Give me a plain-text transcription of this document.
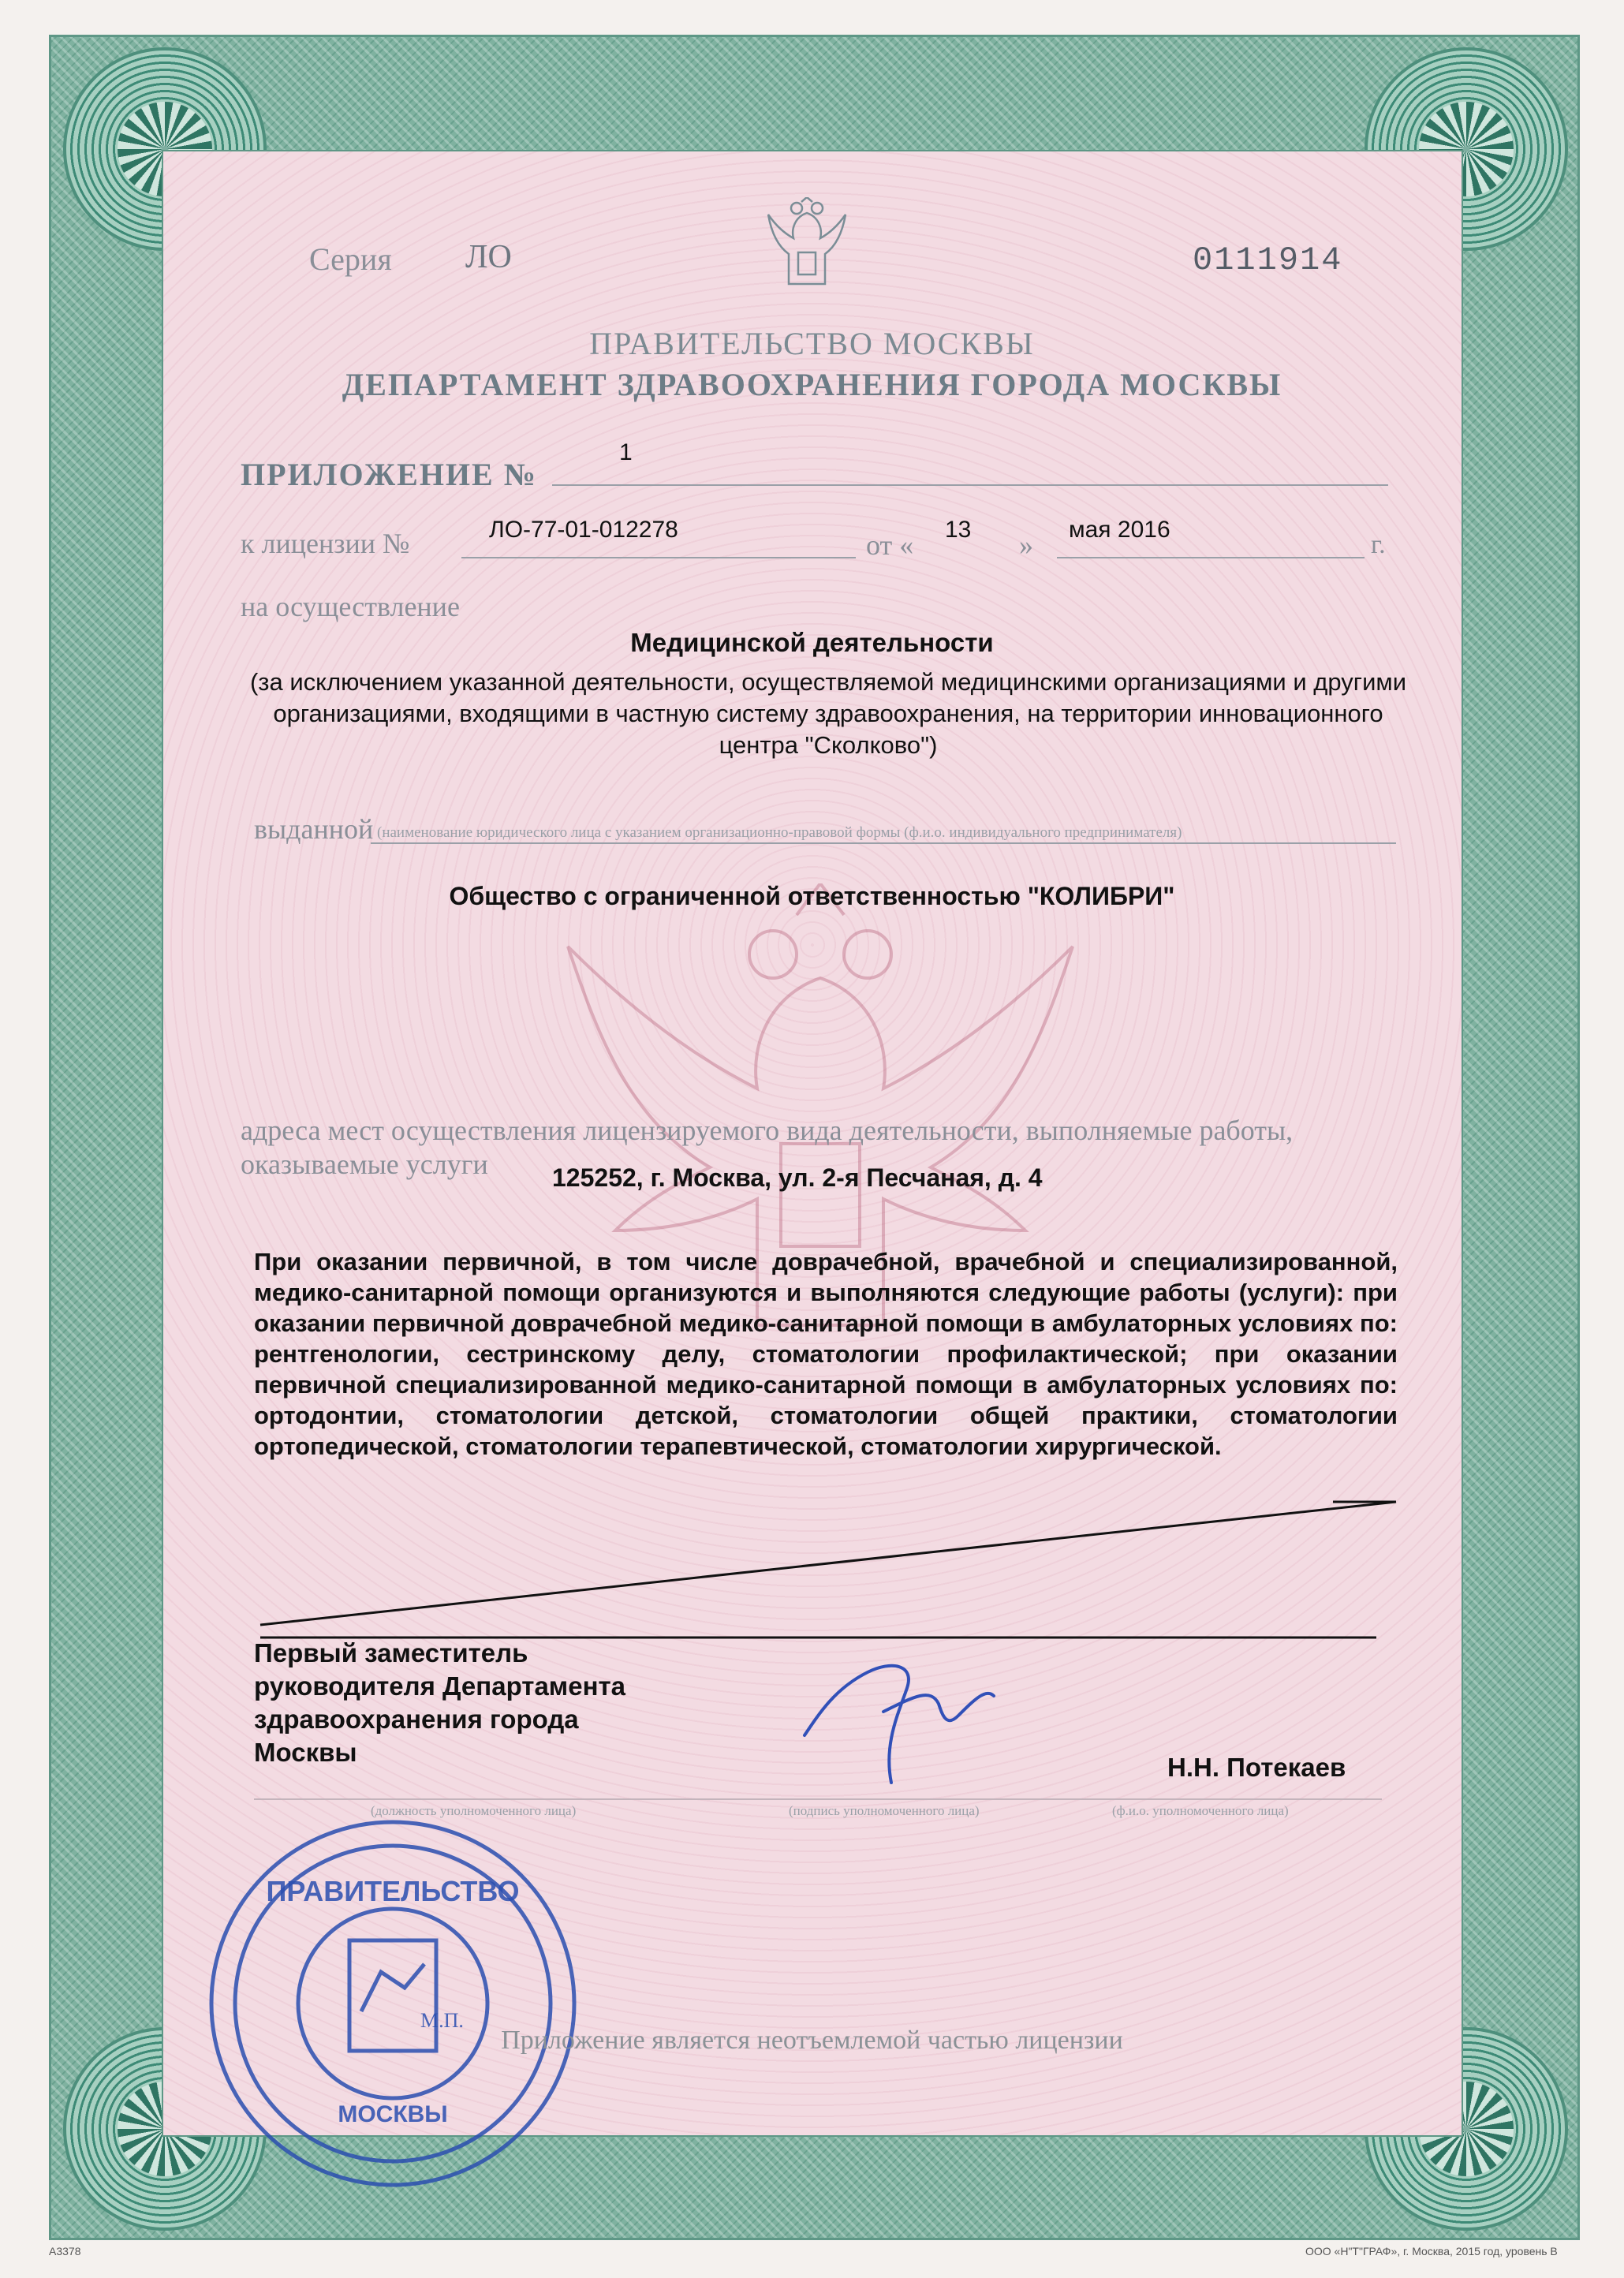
Серия ЛО	0111914
ПРАВИТЕЛЬСТВО МОСКВЫ
ДЕПАРТАМЕНТ ЗДРАВООХРАНЕНИЯ ГОРОДА МОСКВЫ
ПРИЛОЖЕНИЕ №
1
к лицензии №	ЛО-77-01-012278	от « 13 » мая 2016
г.
на осуществление
Медицинской деятельности
(за исключением указанной деятельности, осуществляемой медицинскими организациями и другими организациями, входящими в частную систему здравоохранения, на территории инновационного центра "Сколково")
выданной (наименование юридического лица с указанием организационно-правовой формы (ф.и.о. индивидуального предпринимателя)
Общество с ограниченной ответственностью "КОЛИБРИ"
адреса мест осуществления лицензируемого вида деятельности, выполняемые работы,
оказываемые услуги	125252, г. Москва, ул. 2-я Песчаная, д. 4
При оказании первичной, в том числе доврачебной, врачебной и специализированной, медико-санитарной помощи организуются и выполняются следующие работы (услуги): при оказании первичной доврачебной медико-санитарной помощи в амбулаторных условиях по: рентгенологии, сестринскому делу, стоматологии профилактической; при оказании первичной специализированной медико-санитарной помощи в амбулаторных условиях по: ортодонтии, стоматологии детской, стоматологии общей практики, стоматологии ортопедической, стоматологии терапевтической, стоматологии хирургической.
Первый заместитель
руководителя Департамента
здравоохранения города
Москвы
Н.Н. Потекаев
(должность уполномоченного лица)	(подпись уполномоченного лица)	(ф.и.о. уполномоченного лица)
ПРАВИТЕЛЬСТВО
МОСКВЫ
М.П.
Приложение является неотъемлемой частью лицензии
А3378	ООО «Н"Т"ГРАФ», г. Москва, 2015 год, уровень В
